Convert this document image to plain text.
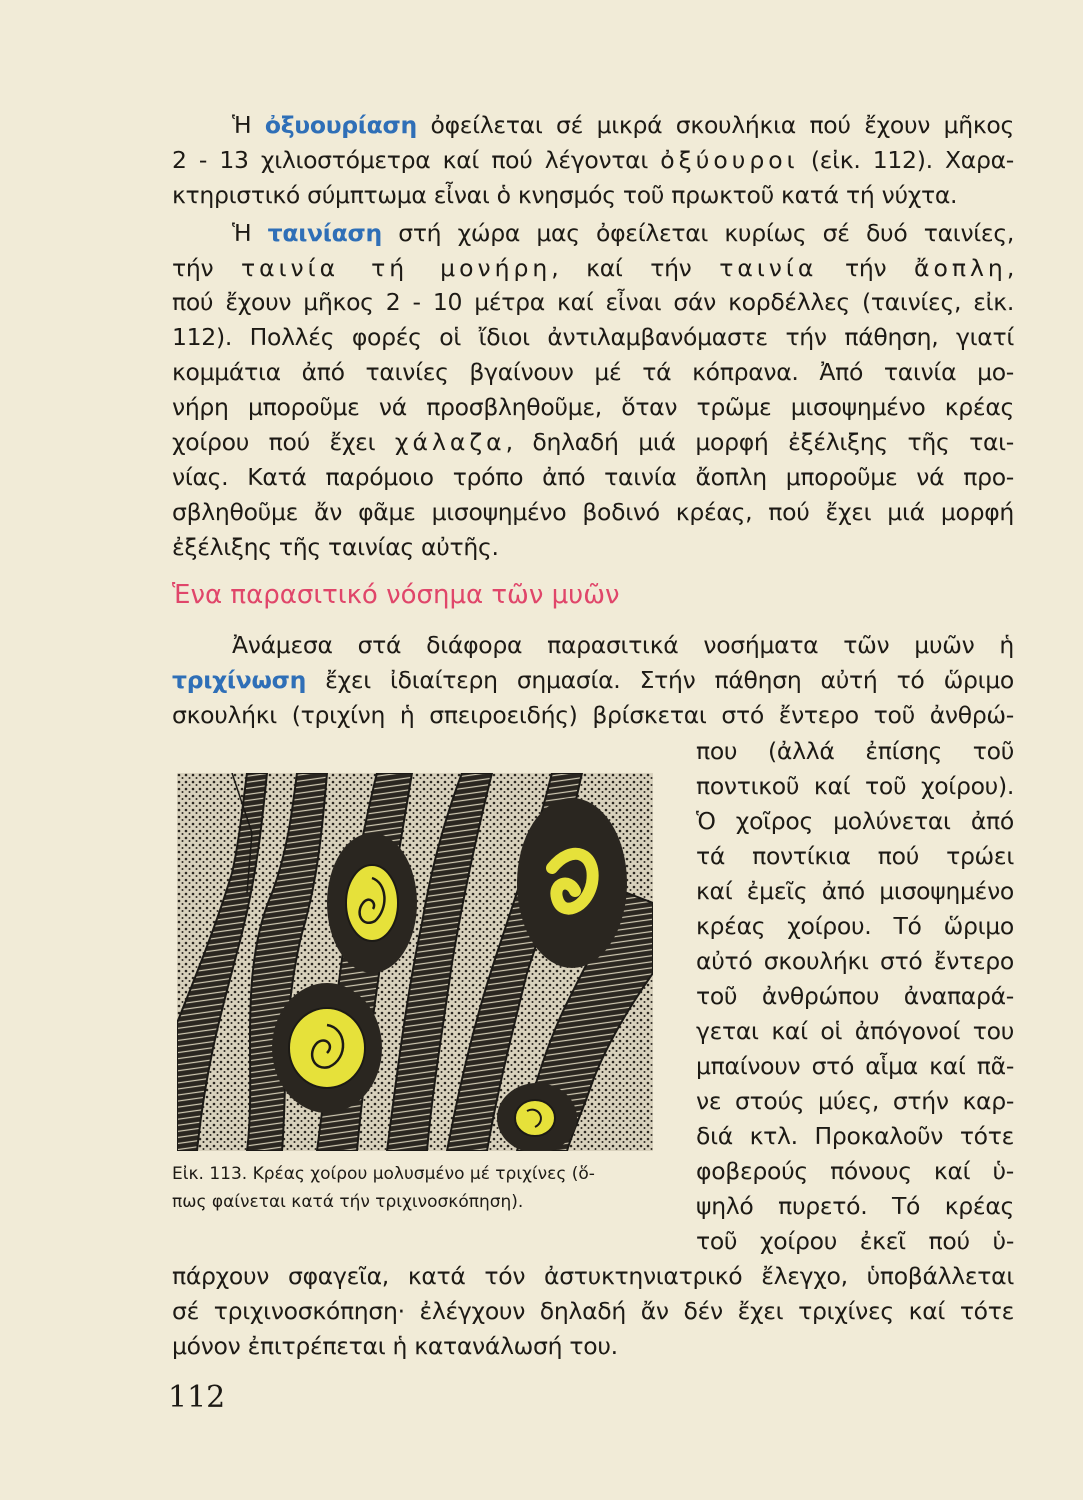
Ἡ ὀξυουρίαση ὀφείλεται σέ μικρά σκουλήκια πού ἔχουν μῆκος
2 - 13 χιλιοστόμετρα καί πού λέγονται ὀξύουροι (εἰκ. 112). Χαρα-
κτηριστικό σύμπτωμα εἶναι ὁ κνησμός τοῦ πρωκτοῦ κατά τή νύχτα.
Ἡ ταινίαση στή χώρα μας ὀφείλεται κυρίως σέ δυό ταινίες,
τήν ταινία τή μονήρη, καί τήν ταινία τήν ἄοπλη,
πού ἔχουν μῆκος 2 - 10 μέτρα καί εἶναι σάν κορδέλλες (ταινίες, εἰκ.
112). Πολλές φορές οἱ ἴδιοι ἀντιλαμβανόμαστε τήν πάθηση, γιατί
κομμάτια ἀπό ταινίες βγαίνουν μέ τά κόπρανα. Ἀπό ταινία μο-
νήρη μποροῦμε νά προσβληθοῦμε, ὅταν τρῶμε μισοψημένο κρέας
χοίρου πού ἔχει χάλαζα, δηλαδή μιά μορφή ἐξέλιξης τῆς ται-
νίας. Κατά παρόμοιο τρόπο ἀπό ταινία ἄοπλη μποροῦμε νά προ-
σβληθοῦμε ἄν φᾶμε μισοψημένο βοδινό κρέας, πού ἔχει μιά μορφή
ἐξέλιξης τῆς ταινίας αὐτῆς.
Ἑνα παρασιτικό νόσημα τῶν μυῶν
Ἀνάμεσα στά διάφορα παρασιτικά νοσήματα τῶν μυῶν ἡ
τριχίνωση ἔχει ἰδιαίτερη σημασία. Στήν πάθηση αὐτή τό ὥριμο
σκουλήκι (τριχίνη ἡ σπειροειδής) βρίσκεται στό ἔντερο τοῦ ἀνθρώ-
που (ἀλλά ἐπίσης τοῦ
ποντικοῦ καί τοῦ χοίρου).
Ὁ χοῖρος μολύνεται ἀπό
τά ποντίκια πού τρώει
καί ἐμεῖς ἀπό μισοψημένο
κρέας χοίρου. Τό ὥριμο
αὐτό σκουλήκι στό ἔντερο
τοῦ ἀνθρώπου ἀναπαρά-
γεται καί οἱ ἀπόγονοί του
μπαίνουν στό αἷμα καί πᾶ-
νε στούς μύες, στήν καρ-
διά κτλ. Προκαλοῦν τότε
φοβερούς πόνους καί ὑ-
ψηλό πυρετό. Τό κρέας
τοῦ χοίρου ἐκεῖ πού ὑ-
πάρχουν σφαγεῖα, κατά τόν ἀστυκτηνιατρικό ἔλεγχο, ὑποβάλλεται
σέ τριχινοσκόπηση· ἐλέγχουν δηλαδή ἄν δέν ἔχει τριχίνες καί τότε
μόνον ἐπιτρέπεται ἡ κατανάλωσή του.
Εἰκ. 113. Κρέας χοίρου μολυσμένο μέ τριχίνες (ὅ-
πως φαίνεται κατά τήν τριχινοσκόπηση).
112
